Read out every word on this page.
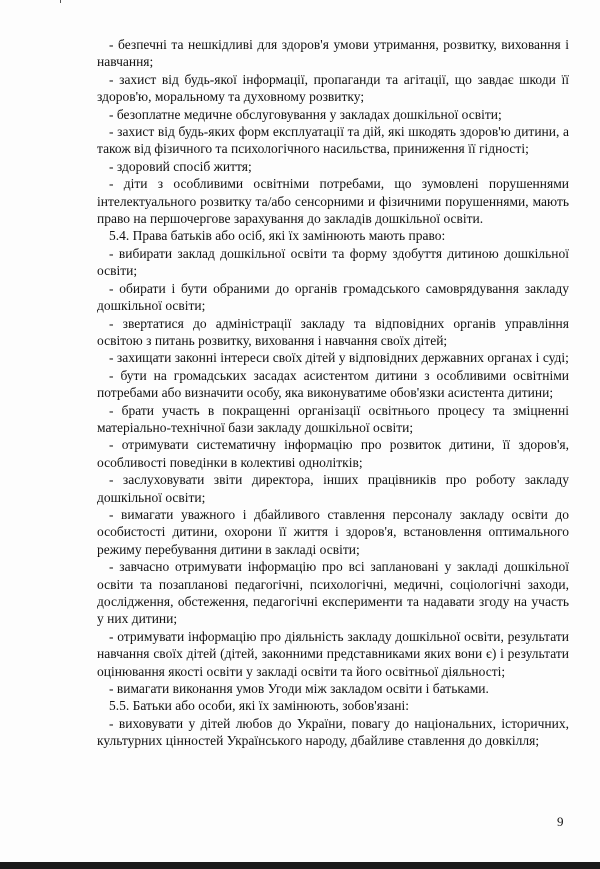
- безпечні та нешкідливі для здоров'я умови утримання, розвитку, виховання і навчання;

- захист від будь-якої інформації, пропаганди та агітації, що завдає шкоди її здоров'ю, моральному та духовному розвитку;

- безоплатне медичне обслуговування у закладах дошкільної освіти;

- захист від будь-яких форм експлуатації та дій, які шкодять здоров'ю дитини, а також від фізичного та психологічного насильства, приниження її гідності;

- здоровий спосіб життя;

- діти з особливими освітніми потребами, що зумовлені порушеннями інтелектуального розвитку та/або сенсорними и фізичними порушеннями, мають право на першочергове зарахування до закладів дошкільної освіти.

5.4. Права батьків або осіб, які їх замінюють мають право:

- вибирати заклад дошкільної освіти та форму здобуття дитиною дошкільної освіти;

- обирати і бути обраними до органів громадського самоврядування закладу дошкільної освіти;

- звертатися до адміністрації закладу та відповідних органів управління освітою з питань розвитку, виховання і навчання своїх дітей;

- захищати законні інтереси своїх дітей у відповідних державних органах і суді;

- бути на громадських засадах асистентом дитини з особливими освітніми потребами або визначити особу, яка виконуватиме обов'язки асистента дитини;

- брати участь в покращенні організації освітнього процесу та зміцненні матеріально-технічної бази закладу дошкільної освіти;

- отримувати систематичну інформацію про розвиток дитини, її здоров'я, особливості поведінки в колективі однолітків;

- заслуховувати звіти директора, інших працівників про роботу закладу дошкільної освіти;

- вимагати уважного і дбайливого ставлення персоналу закладу освіти до особистості дитини, охорони її життя і здоров'я, встановлення оптимального режиму перебування дитини в закладі освіти;

- завчасно отримувати інформацію про всі заплановані у закладі дошкільної освіти та позапланові педагогічні, психологічні, медичні, соціологічні заходи, дослідження, обстеження, педагогічні експерименти та надавати згоду на участь у них дитини;

- отримувати інформацію про діяльність закладу дошкільної освіти, результати навчання своїх дітей (дітей, законними представниками яких вони є) і результати оцінювання якості освіти у закладі освіти та його освітньої діяльності;

- вимагати виконання умов Угоди між закладом освіти і батьками.

5.5. Батьки або особи, які їх замінюють, зобов'язані:

- виховувати у дітей любов до України, повагу до національних, історичних, культурних цінностей Українського народу, дбайливе ставлення до довкілля;

9
